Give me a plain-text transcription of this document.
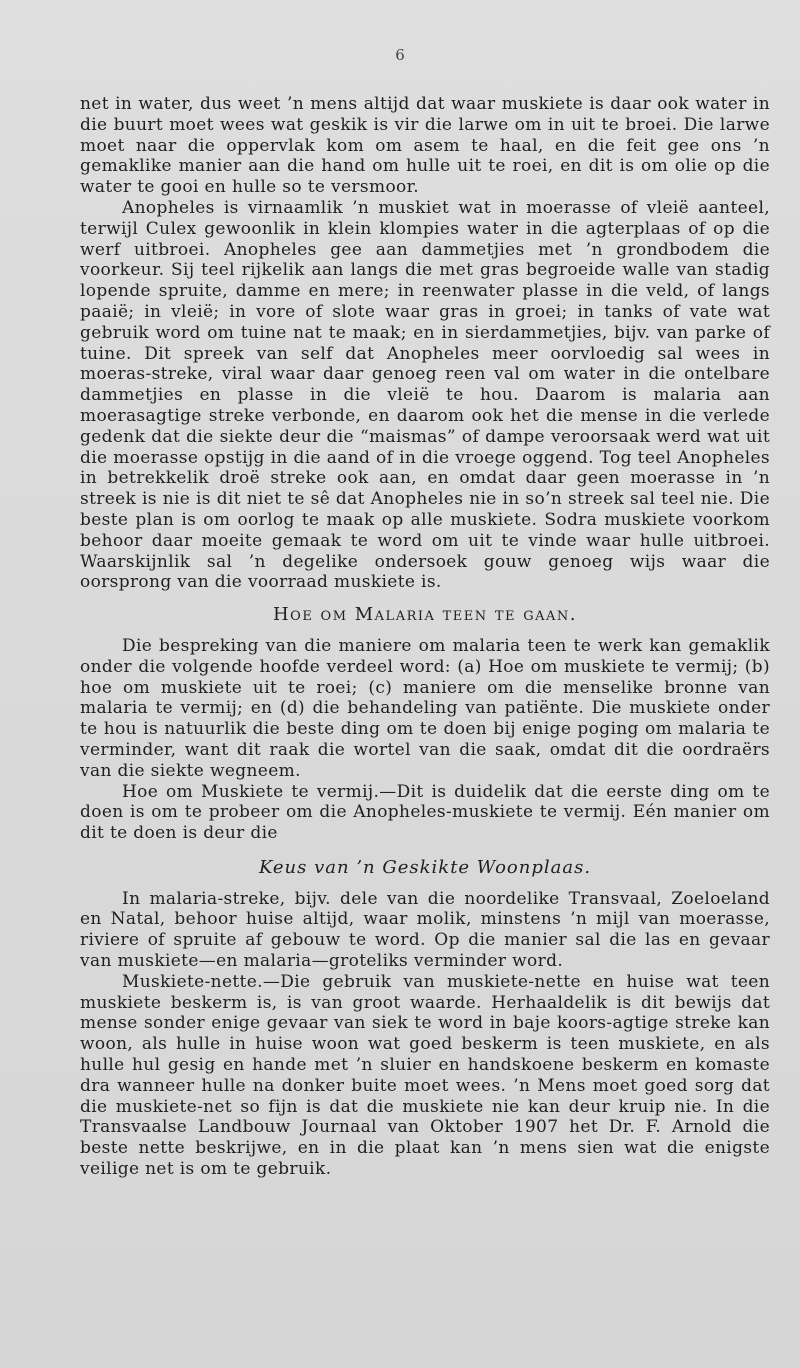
6

net in water, dus weet ’n mens altijd dat waar muskiete is daar ook water in die buurt moet wees wat geskik is vir die larwe om in uit te broei. Die larwe moet naar die oppervlak kom om asem te haal, en die feit gee ons ’n gemaklike manier aan die hand om hulle uit te roei, en dit is om olie op die water te gooi en hulle so te versmoor.

Anopheles is virnaamlik ’n muskiet wat in moerasse of vleië aanteel, terwijl Culex gewoonlik in klein klompies water in die agterplaas of op die werf uitbroei. Anopheles gee aan dammetjies met ’n grondbodem die voorkeur. Sij teel rijkelik aan langs die met gras begroeide walle van stadig lopende spruite, damme en mere; in reenwater plasse in die veld, of langs paaië; in vleië; in vore of slote waar gras in groei; in tanks of vate wat gebruik word om tuine nat te maak; en in sierdammetjies, bijv. van parke of tuine. Dit spreek van self dat Anopheles meer oorvloedig sal wees in moeras-streke, viral waar daar genoeg reen val om water in die ontelbare dammetjies en plasse in die vleië te hou. Daarom is malaria aan moerasagtige streke verbonde, en daarom ook het die mense in die verlede gedenk dat die siekte deur die “maismas” of dampe veroorsaak werd wat uit die moerasse opstijg in die aand of in die vroege oggend. Tog teel Anopheles in betrekkelik droë streke ook aan, en omdat daar geen moerasse in ’n streek is nie is dit niet te sê dat Anopheles nie in so’n streek sal teel nie. Die beste plan is om oorlog te maak op alle muskiete. Sodra muskiete voorkom behoor daar moeite gemaak te word om uit te vinde waar hulle uitbroei. Waarskijnlik sal ’n degelike ondersoek gouw genoeg wijs waar die oorsprong van die voorraad muskiete is.

Hoe om Malaria teen te gaan.

Die bespreking van die maniere om malaria teen te werk kan gemaklik onder die volgende hoofde verdeel word: (a) Hoe om muskiete te vermij; (b) hoe om muskiete uit te roei; (c) maniere om die menselike bronne van malaria te vermij; en (d) die behandeling van patiënte. Die muskiete onder te hou is natuurlik die beste ding om te doen bij enige poging om malaria te verminder, want dit raak die wortel van die saak, omdat dit die oordraërs van die siekte wegneem.

Hoe om Muskiete te vermij.—Dit is duidelik dat die eerste ding om te doen is om te probeer om die Anopheles-muskiete te vermij. Eén manier om dit te doen is deur die

Keus van ’n Geskikte Woonplaas.

In malaria-streke, bijv. dele van die noordelike Transvaal, Zoeloeland en Natal, behoor huise altijd, waar molik, minstens ’n mijl van moerasse, riviere of spruite af gebouw te word. Op die manier sal die las en gevaar van muskiete—en malaria—groteliks verminder word.

Muskiete-nette.—Die gebruik van muskiete-nette en huise wat teen muskiete beskerm is, is van groot waarde. Herhaaldelik is dit bewijs dat mense sonder enige gevaar van siek te word in baje koors-agtige streke kan woon, als hulle in huise woon wat goed beskerm is teen muskiete, en als hulle hul gesig en hande met ’n sluier en handskoene beskerm en komaste dra wanneer hulle na donker buite moet wees. ’n Mens moet goed sorg dat die muskiete-net so fijn is dat die muskiete nie kan deur kruip nie. In die Transvaalse Landbouw Journaal van Oktober 1907 het Dr. F. Arnold die beste nette beskrijwe, en in die plaat kan ’n mens sien wat die enigste veilige net is om te gebruik.
